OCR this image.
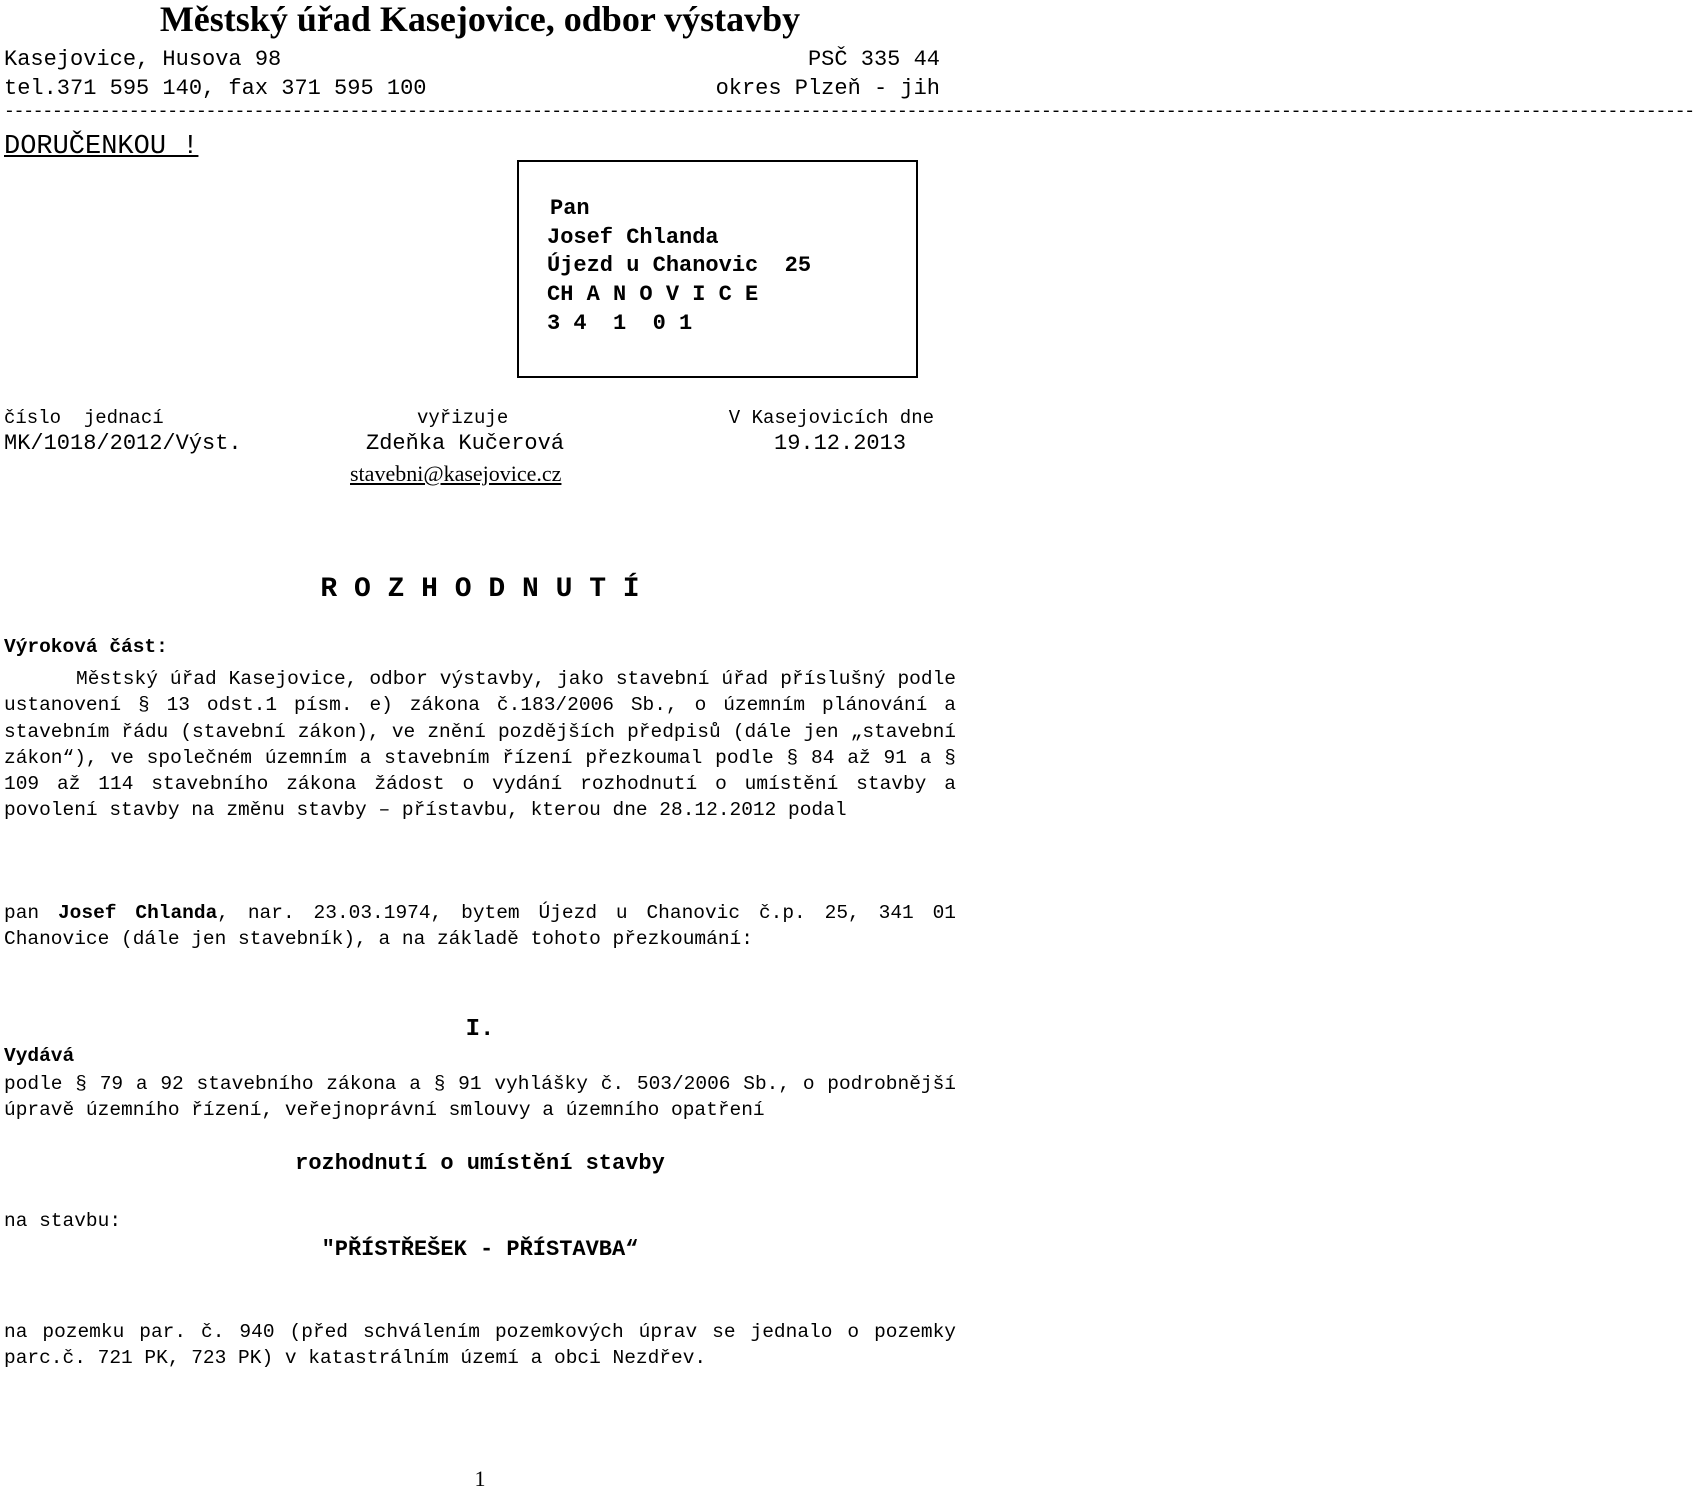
Městský úřad Kasejovice, odbor výstavby
Kasejovice, Husova 98	PSČ 335 44
tel.371 595 140, fax 371 595 100	okres Plzeň - jih
--------------------------------------------------------------------------------------------------------------------------------------------------------------------------------
DORUČENKOU !
Pan
Josef Chlanda
Újezd u Chanovic  25
CH A N O V I C E
3 4  1  0 1
číslo  jednací	vyřizuje	V Kasejovicích dne
MK/1018/2012/Výst.	Zdeňka Kučerová	19.12.2013
stavebni@kasejovice.cz
R O Z H O D N U T Í
Výroková část:
Městský úřad Kasejovice, odbor výstavby, jako stavební úřad příslušný podle ustanovení § 13 odst.1 písm. e) zákona č.183/2006 Sb., o územním plánování a stavebním řádu (stavební zákon), ve znění pozdějších předpisů (dále jen „stavební zákon“), ve společném územním a stavebním řízení přezkoumal podle § 84 až 91 a § 109 až 114 stavebního zákona žádost o vydání rozhodnutí o umístění stavby a povolení stavby na změnu stavby – přístavbu, kterou dne 28.12.2012 podal
pan Josef Chlanda, nar. 23.03.1974, bytem Újezd u Chanovic č.p. 25, 341 01 Chanovice (dále jen stavebník), a na základě tohoto přezkoumání:
I.
Vydává
podle § 79 a 92 stavebního zákona a § 91 vyhlášky č. 503/2006 Sb., o podrobnější úpravě územního řízení, veřejnoprávní smlouvy a územního opatření
rozhodnutí o umístění stavby
na stavbu:
"PŘÍSTŘEŠEK - PŘÍSTAVBA“
na pozemku par. č. 940 (před schválením pozemkových úprav se jednalo o pozemky parc.č. 721 PK, 723 PK) v katastrálním území a obci Nezdřev.
1
